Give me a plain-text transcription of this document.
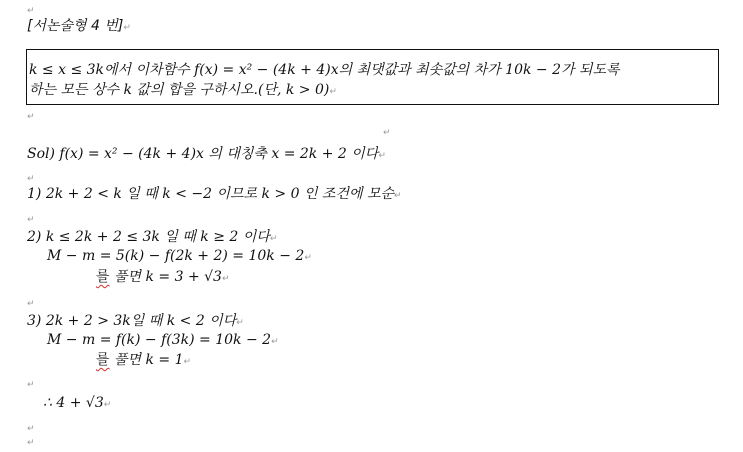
↵
[서논술형 4 번]↵
k ≤ x ≤ 3k에서 이차함수 f(x) = x² − (4k + 4)x의 최댓값과 최솟값의 차가 10k − 2가 되도록
하는 모든 상수 k 값의 합을 구하시오.(단, k > 0)↵
↵
↵
Sol) f(x) = x² − (4k + 4)x 의 대칭축 x = 2k + 2 이다↵
↵
1) 2k + 2 < k 일 때 k < −2 이므로 k > 0 인 조건에 모순↵
↵
2) k ≤ 2k + 2 ≤ 3k 일 때 k ≥ 2 이다↵
M − m = 5(k) − f(2k + 2) = 10k − 2↵
를 풀면 k = 3 + √3↵
↵
3) 2k + 2 > 3k일 때 k < 2 이다↵
M − m = f(k) − f(3k) = 10k − 2↵
를 풀면 k = 1↵
↵
∴ 4 + √3↵
↵
↵
